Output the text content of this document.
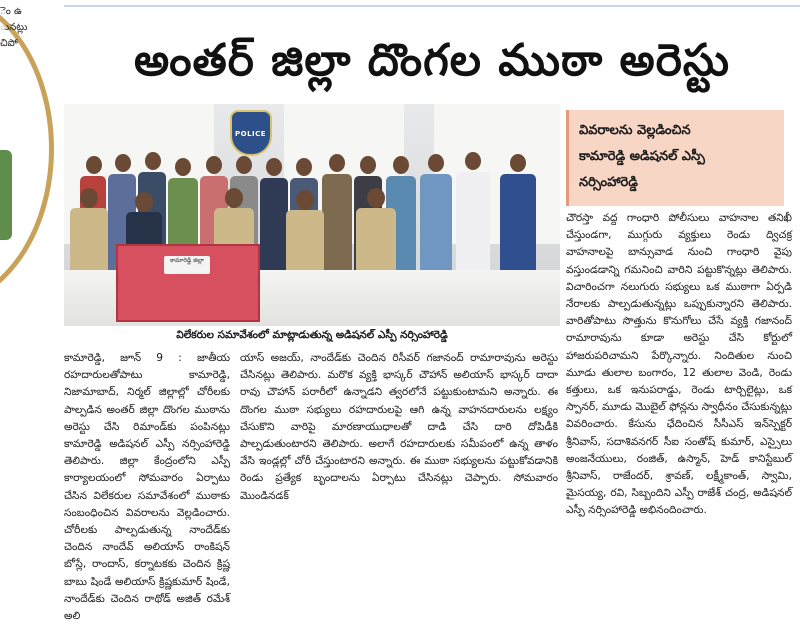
ెం ఉ
ునట్లు
చిపో	అంతర్ జిల్లా దొంగల ముఠా అరెస్టు
POLICE
కామారెడ్డి జిల్లా
విలేకరుల సమావేశంలో మాట్లాడుతున్న అడిషనల్ ఎస్పీ నర్సింహారెడ్డి
వివరాలను వెల్లడించిన
కామారెడ్డి అడిషనల్ ఎస్పీ
నర్సింహారెడ్డి

కామారెడ్డి, జూన్ 9 : జాతీయ రహదారులతోపాటు కామారెడ్డి, నిజామాబాద్, నిర్మల్ జిల్లాల్లో చోరీలకు పాల్పడిన అంతర్ జిల్లా దొంగల ముఠాను అరెస్టు చేసి రిమాండ్‌కు పంపినట్లు కామారెడ్డి అడిషనల్ ఎస్పీ నర్సింహారెడ్డి తెలిపారు. జిల్లా కేంద్రంలోని ఎస్పీ కార్యాలయంలో సోమవారం ఏర్పాటు చేసిన విలేకరుల సమావేశంలో ముఠాకు సంబంధించిన వివరాలను వెల్లడించారు. చోరీలకు పాల్పడుతున్న నాందేడ్‌కు చెందిన నాందేవ్ అలియాస్ రాంకిషన్ బోస్లే, రాందాస్, కర్నాటకకు చెందిన క్రిష్ణ బాబు షిండే అలియాస్ క్రిష్ణకుమార్ షిండే, నాందేడ్‌కు చెందిన రాథోడ్ అజిత్ రమేశ్ అలి

యాస్ అజయ్, నాందేడ్‌కు చెందిన రిసీవర్ గజానంద్ రామారావును అరెస్టు చేసినట్లు తెలిపారు. మరొక వ్యక్తి భాస్కర్ చౌహాన్ అలియాస్ భాస్కర్ దాదా రావు చౌహాన్ పరారీలో ఉన్నాడని త్వరలోనే పట్టుకుంటామని అన్నారు. ఈ దొంగల ముఠా సభ్యులు రహదారులపై ఆగి ఉన్న వాహనదారులను లక్ష్యం చేసుకొని వారిపై మారణాయుధాలతో దాడి చేసి దారి దోపిడీకి పాల్పడుతుంటారని తెలిపారు. అలాగే రహదారులకు సమీపంలో ఉన్న తాళం వేసి ఇండ్లల్లో చోరీ చేస్తుంటారని అన్నారు. ఈ ముఠా సభ్యులను పట్టుకోవడానికి రెండు ప్రత్యేక బృందాలను ఏర్పాటు చేసినట్లు చెప్పారు. సోమవారం మొండినడక్

చౌరస్తా వద్ద గాంధారి పోలీసులు వాహనాల తనిఖీ చేస్తుండగా, ముగ్గురు వ్యక్తులు రెండు ద్విచక్ర వాహనాలపై బాన్సువాడ నుంచి గాంధారి వైపు వస్తుండడాన్ని గమనించి వారిని పట్టుకొన్నట్లు తెలిపారు. విచారించగా నలుగురు సభ్యులు ఒక ముఠాగా ఏర్పడి నేరాలకు పాల్పడుతున్నట్లు ఒప్పుకున్నారని తెలిపారు. వారితోపాటు సొత్తును కొనుగోలు చేసే వ్యక్తి గజానంద్ రామారావును కూడా అరెస్టు చేసి కోర్టులో హాజరుపరిచామని పేర్కొన్నారు. నిందితుల నుంచి మూడు తులాల బంగారం, 12 తులాల వెండి, రెండు కత్తులు, ఒక ఇనుపరాడ్డు, రెండు టార్చిలైట్లు, ఒక స్పానర్, మూడు మొబైల్ ఫోన్లను స్వాధీనం చేసుకున్నట్లు వివరించారు. కేసును ఛేదించిన సీసీఎస్ ఇన్‌స్పెక్టర్ శ్రీనివాస్, సదాశివనగర్ సీఐ సంతోష్ కుమార్, ఎస్సైలు అంజనేయులు, రంజిత్, ఉస్మాన్, హెడ్ కానిస్టేబుల్ శ్రీనివాస్, రాజేందర్, శ్రావణ్, లక్ష్మీకాంత్, స్వామి, మైసయ్య, రవి, సిబ్బందిని ఎస్పీ రాజేశ్ చంద్ర, అడిషనల్ ఎస్పీ నర్సింహారెడ్డి అభినందించారు.
